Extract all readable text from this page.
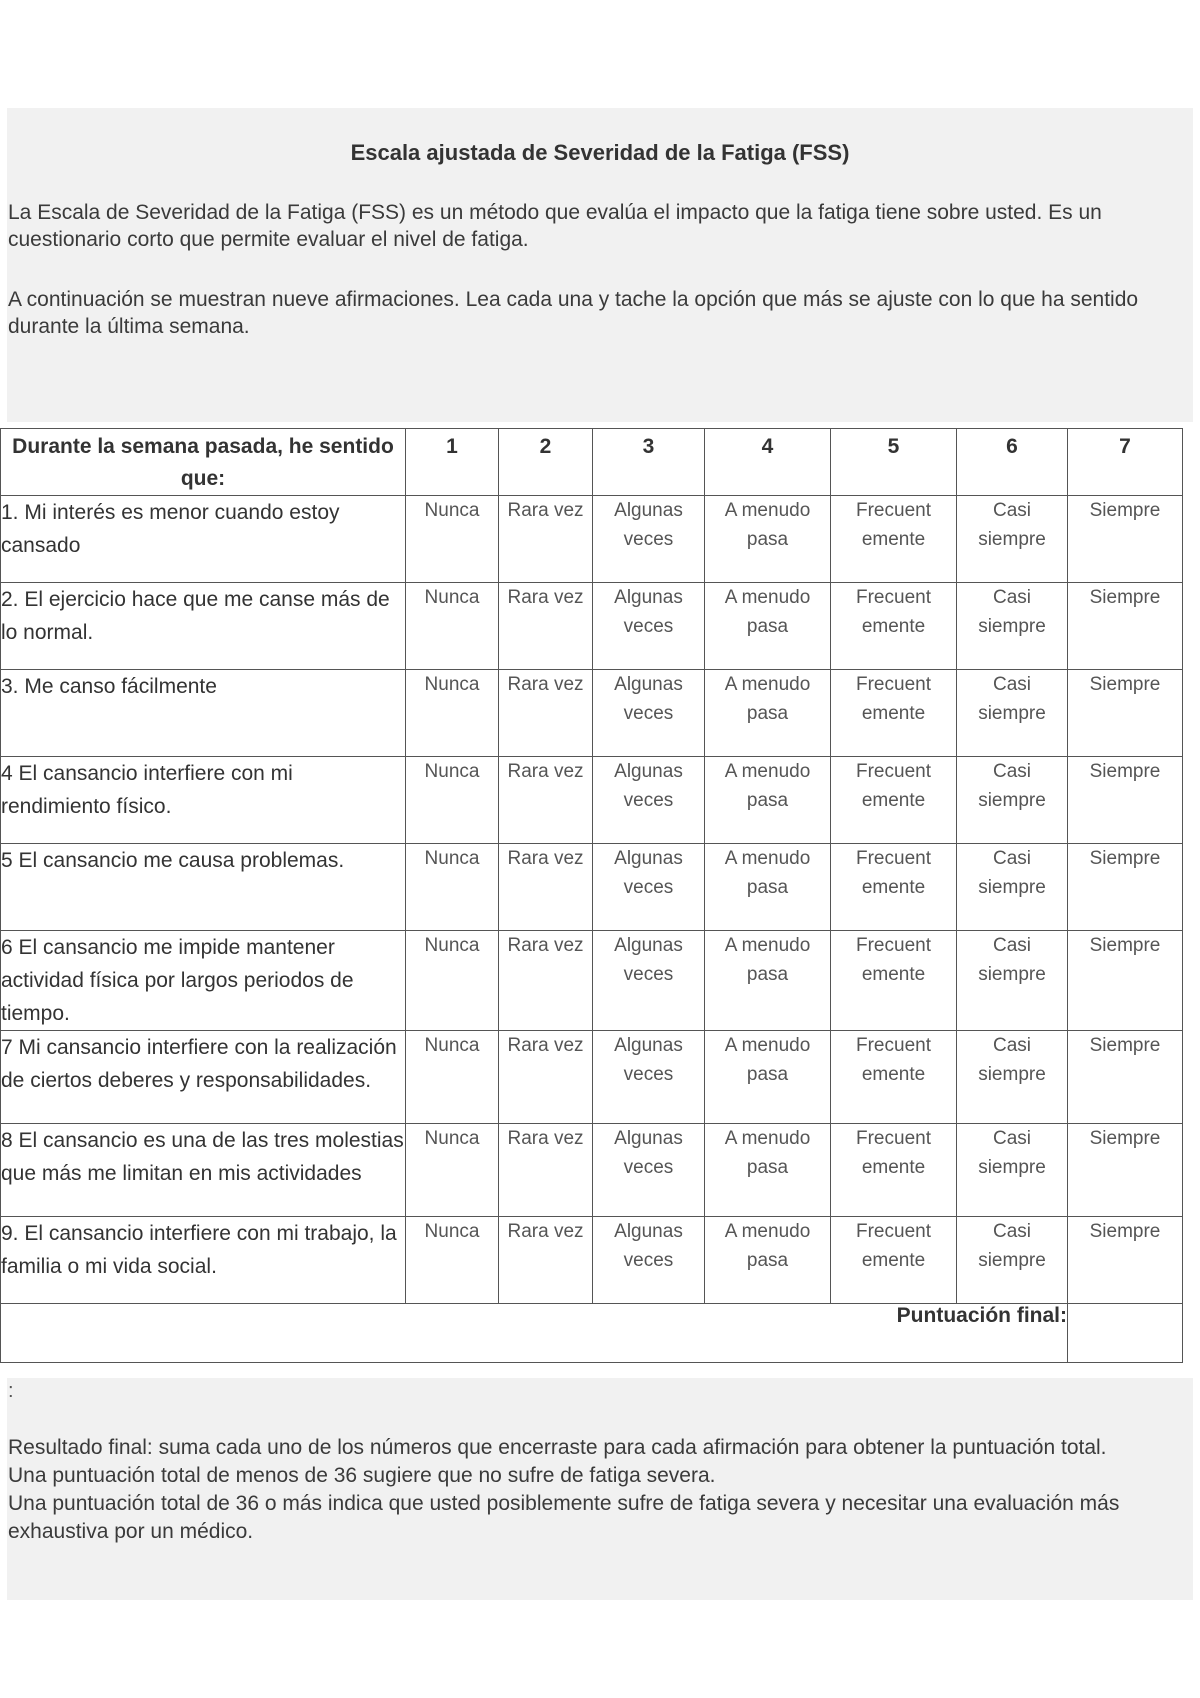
Escala ajustada de Severidad de la Fatiga (FSS)
La Escala de Severidad de la Fatiga (FSS) es un método que evalúa el impacto que la fatiga tiene sobre usted. Es un cuestionario corto que permite evaluar el nivel de fatiga.
A continuación se muestran nueve afirmaciones. Lea cada una y tache la opción que más se ajuste con lo que ha sentido durante la última semana.
Durante la semana pasada, he sentido que:	1	2	3	4	5	6	7
1. Mi interés es menor cuando estoy cansado	Nunca	Rara vez	Algunas veces	A menudo pasa	Frecuent emente	Casi siempre	Siempre
2. El ejercicio hace que me canse más de lo normal.	Nunca	Rara vez	Algunas veces	A menudo pasa	Frecuent emente	Casi siempre	Siempre
3. Me canso fácilmente	Nunca	Rara vez	Algunas veces	A menudo pasa	Frecuent emente	Casi siempre	Siempre
4 El cansancio interfiere con mi rendimiento físico.	Nunca	Rara vez	Algunas veces	A menudo pasa	Frecuent emente	Casi siempre	Siempre
5 El cansancio me causa problemas.	Nunca	Rara vez	Algunas veces	A menudo pasa	Frecuent emente	Casi siempre	Siempre
6 El cansancio me impide mantener actividad física por largos periodos de tiempo.	Nunca	Rara vez	Algunas veces	A menudo pasa	Frecuent emente	Casi siempre	Siempre
7 Mi cansancio interfiere con la realización de ciertos deberes y responsabilidades.	Nunca	Rara vez	Algunas veces	A menudo pasa	Frecuent emente	Casi siempre	Siempre
8 El cansancio es una de las tres molestias que más me limitan en mis actividades	Nunca	Rara vez	Algunas veces	A menudo pasa	Frecuent emente	Casi siempre	Siempre
9. El cansancio interfiere con mi trabajo, la familia o mi vida social.	Nunca	Rara vez	Algunas veces	A menudo pasa	Frecuent emente	Casi siempre	Siempre
Puntuación final:							
:
Resultado final: suma cada uno de los números que encerraste para cada afirmación para obtener la puntuación total.
Una puntuación total de menos de 36 sugiere que no sufre de fatiga severa.
Una puntuación total de 36 o más indica que usted posiblemente sufre de fatiga severa y necesitar una evaluación más exhaustiva por un médico.
